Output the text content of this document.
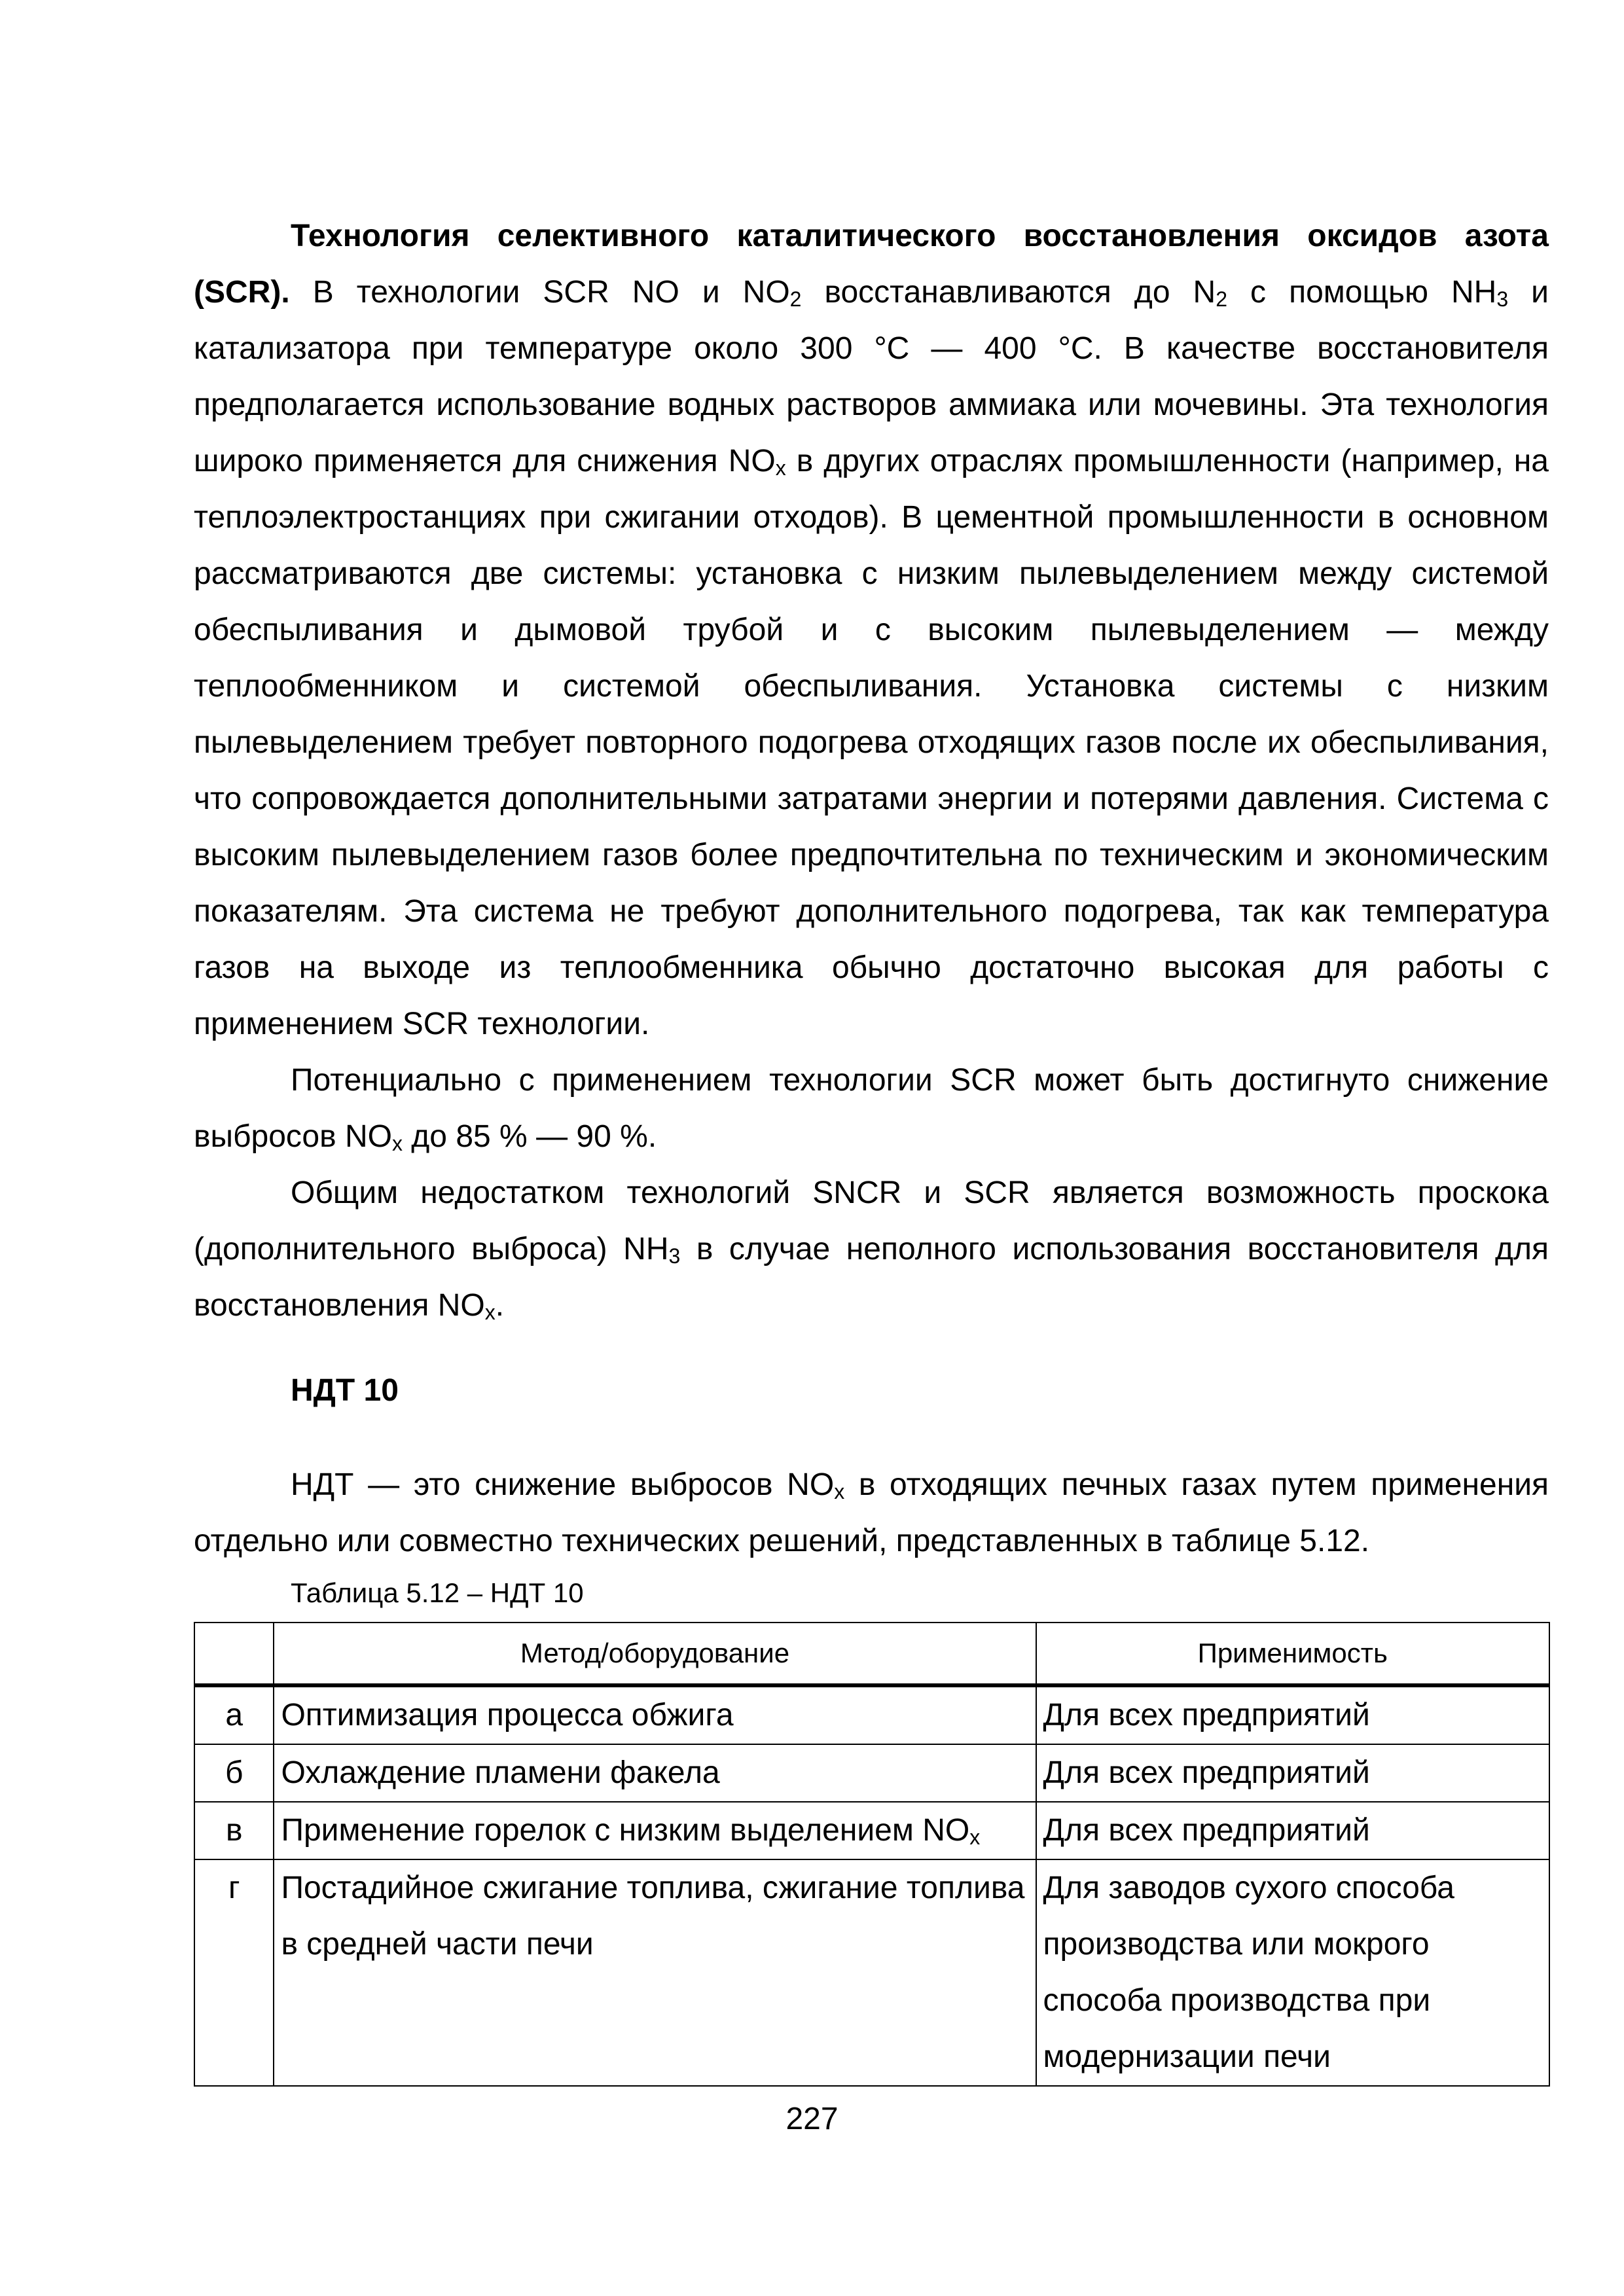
Технология селективного каталитического восстановления оксидов азота (SCR). В технологии SCR NO и $NO_2$ восстанавливаются до $N_2$ с помощью $NH_3$ и катализатора при температуре около 300 °С — 400 °С. В качестве восстановителя предполагается использование водных растворов аммиака или мочевины. Эта технология широко применяется для снижения $NO_x$ в других отраслях промышленности (например, на теплоэлектростанциях при сжигании отходов). В цементной промышленности в основном рассматриваются две системы: установка с низким пылевыделением между системой обеспыливания и дымовой трубой и с высоким пылевыделением — между теплообменником и системой обеспыливания. Установка системы с низким пылевыделением требует повторного подогрева отходящих газов после их обеспыливания, что сопровождается дополнительными затратами энергии и потерями давления. Система с высоким пылевыделением газов более предпочтительна по техническим и экономическим показателям. Эта система не требуют дополнительного подогрева, так как температура газов на выходе из теплообменника обычно достаточно высокая для работы с применением SCR технологии.

Потенциально с применением технологии SCR может быть достигнуто снижение выбросов $NO_x$ до 85 % — 90 %.

Общим недостатком технологий SNCR и SCR является возможность проскока (дополнительного выброса) $NH_3$ в случае неполного использования восстановителя для восстановления $NO_x$.

НДТ 10

НДТ — это снижение выбросов $NO_x$ в отходящих печных газах путем применения отдельно или совместно технических решений, представленных в таблице 5.12.

Таблица 5.12 – НДТ 10

	Метод/оборудование	Применимость
а	Оптимизация процесса обжига	Для всех предприятий
б	Охлаждение пламени факела	Для всех предприятий
в	Применение горелок с низким выделением $NO_x$	Для всех предприятий
г	Постадийное сжигание топлива, сжигание топлива в средней части печи	Для заводов сухого способа производства или мокрого способа производства при модернизации печи
227
